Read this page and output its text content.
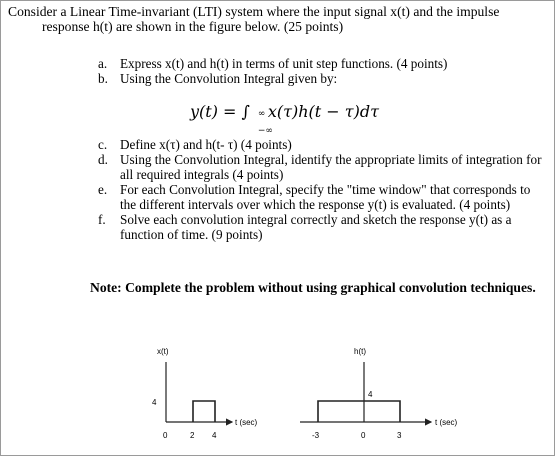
Consider a Linear Time-invariant (LTI) system where the input signal x(t) and the impulse
response h(t) are shown in the figure below. (25 points)
a. Express x(t) and h(t) in terms of unit step functions. (4 points)
b. Using the Convolution Integral given by:
y(t) = ∫ ∞
−∞
x(τ)h(t − τ)dτ
c. Define x(τ) and h(t- τ) (4 points)
d. Using the Convolution Integral, identify the appropriate limits of integration for all required integrals (4 points)
e. For each Convolution Integral, specify the "time window" that corresponds to the different intervals over which the response y(t) is evaluated. (4 points)
f. Solve each convolution integral correctly and sketch the response y(t) as a function of time. (9 points)
Note: Complete the problem without using graphical convolution techniques.
x(t)
4
0	2 4
t (sec)
h(t)
4
-3	0	3
t (sec)
